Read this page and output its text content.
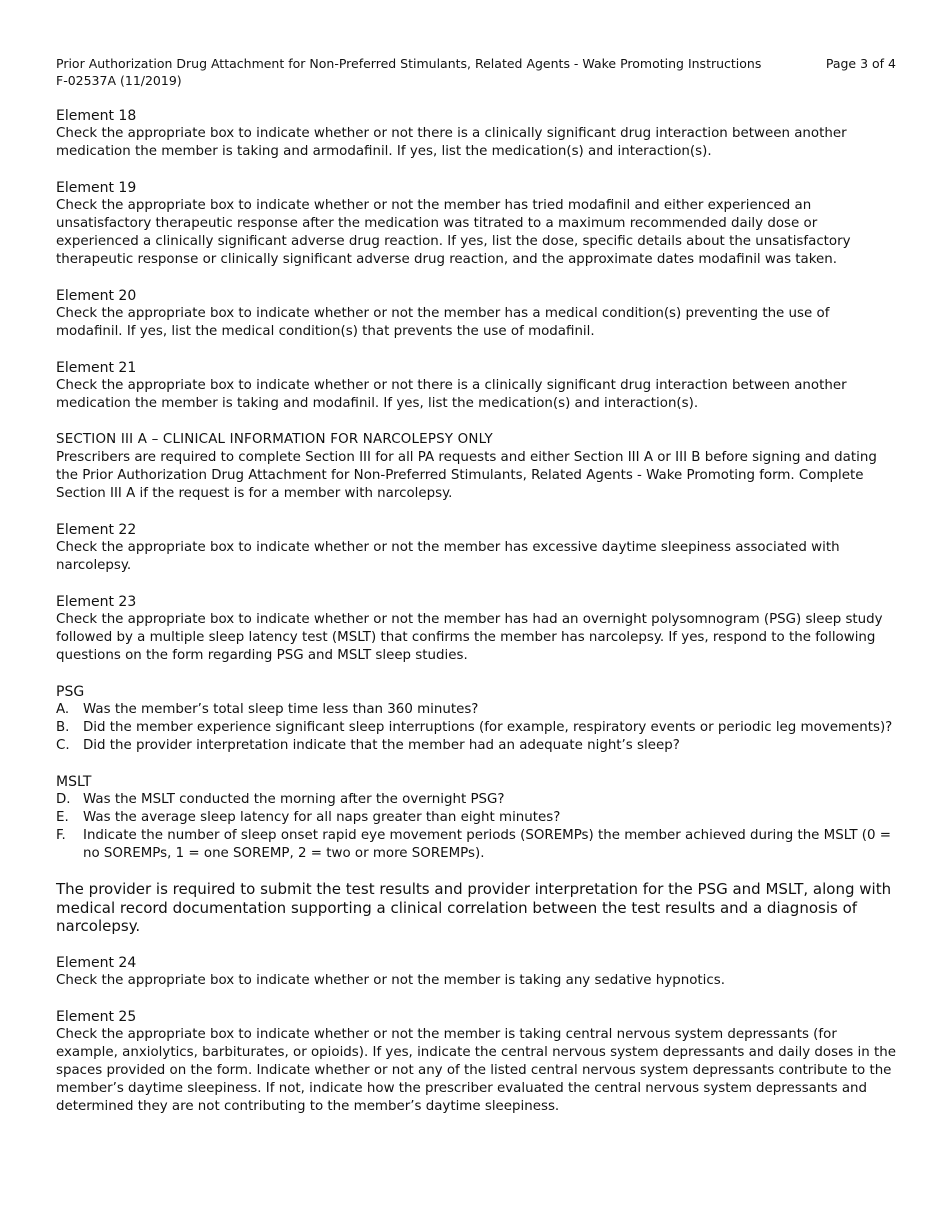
Prior Authorization Drug Attachment for Non-Preferred Stimulants, Related Agents - Wake Promoting Instructions
F-02537A (11/2019)
Page 3 of 4

Element 18

Check the appropriate box to indicate whether or not there is a clinically significant drug interaction between another medication the member is taking and armodafinil. If yes, list the medication(s) and interaction(s).

Element 19

Check the appropriate box to indicate whether or not the member has tried modafinil and either experienced an unsatisfactory therapeutic response after the medication was titrated to a maximum recommended daily dose or experienced a clinically significant adverse drug reaction. If yes, list the dose, specific details about the unsatisfactory therapeutic response or clinically significant adverse drug reaction, and the approximate dates modafinil was taken.

Element 20

Check the appropriate box to indicate whether or not the member has a medical condition(s) preventing the use of modafinil. If yes, list the medical condition(s) that prevents the use of modafinil.

Element 21

Check the appropriate box to indicate whether or not there is a clinically significant drug interaction between another medication the member is taking and modafinil. If yes, list the medication(s) and interaction(s).

SECTION III A – CLINICAL INFORMATION FOR NARCOLEPSY ONLY

Prescribers are required to complete Section III for all PA requests and either Section III A or III B before signing and dating the Prior Authorization Drug Attachment for Non-Preferred Stimulants, Related Agents - Wake Promoting form. Complete Section III A if the request is for a member with narcolepsy.

Element 22

Check the appropriate box to indicate whether or not the member has excessive daytime sleepiness associated with narcolepsy.

Element 23

Check the appropriate box to indicate whether or not the member has had an overnight polysomnogram (PSG) sleep study followed by a multiple sleep latency test (MSLT) that confirms the member has narcolepsy. If yes, respond to the following questions on the form regarding PSG and MSLT sleep studies.

PSG

A. Was the member’s total sleep time less than 360 minutes?
B. Did the member experience significant sleep interruptions (for example, respiratory events or periodic leg movements)?
C. Did the provider interpretation indicate that the member had an adequate night’s sleep?

MSLT

D. Was the MSLT conducted the morning after the overnight PSG?
E. Was the average sleep latency for all naps greater than eight minutes?
F. Indicate the number of sleep onset rapid eye movement periods (SOREMPs) the member achieved during the MSLT (0 = no SOREMPs, 1 = one SOREMP, 2 = two or more SOREMPs).

The provider is required to submit the test results and provider interpretation for the PSG and MSLT, along with medical record documentation supporting a clinical correlation between the test results and a diagnosis of narcolepsy.

Element 24

Check the appropriate box to indicate whether or not the member is taking any sedative hypnotics.

Element 25

Check the appropriate box to indicate whether or not the member is taking central nervous system depressants (for example, anxiolytics, barbiturates, or opioids). If yes, indicate the central nervous system depressants and daily doses in the spaces provided on the form. Indicate whether or not any of the listed central nervous system depressants contribute to the member’s daytime sleepiness. If not, indicate how the prescriber evaluated the central nervous system depressants and determined they are not contributing to the member’s daytime sleepiness.
